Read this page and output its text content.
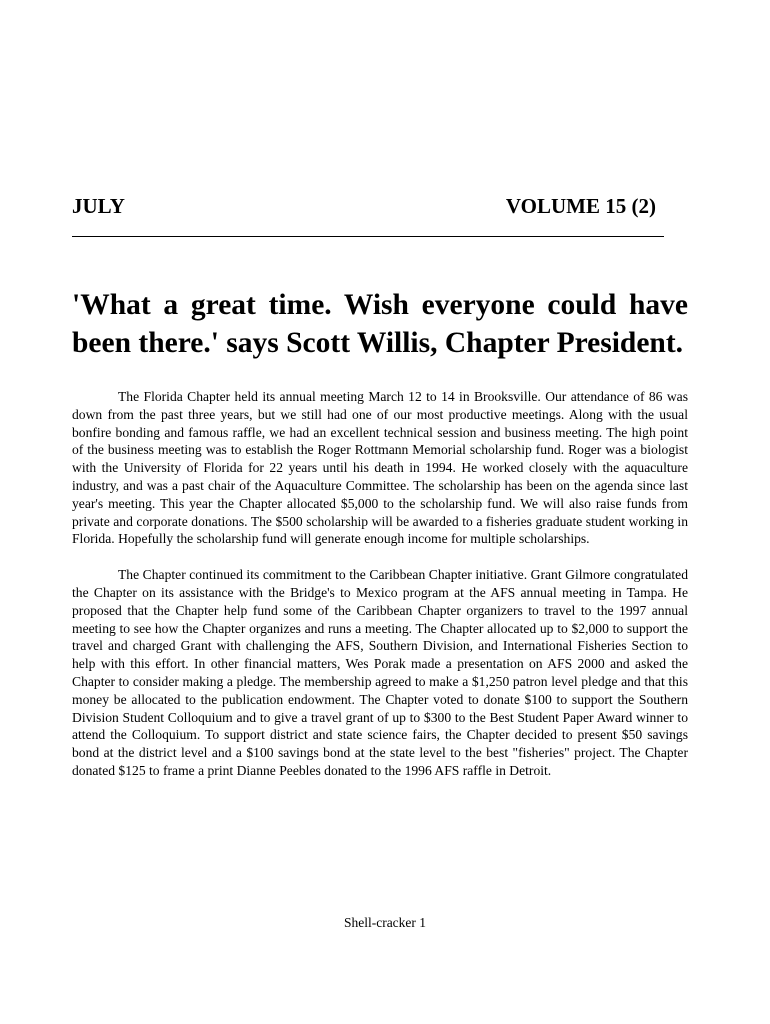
JULY	VOLUME 15 (2)
'What a great time. Wish everyone could have been there.' says Scott Willis, Chapter President.

The Florida Chapter held its annual meeting March 12 to 14 in Brooksville. Our attendance of 86 was down from the past three years, but we still had one of our most productive meetings. Along with the usual bonfire bonding and famous raffle, we had an excellent technical session and business meeting. The high point of the business meeting was to establish the Roger Rottmann Memorial scholarship fund. Roger was a biologist with the University of Florida for 22 years until his death in 1994. He worked closely with the aquaculture industry, and was a past chair of the Aquaculture Committee. The scholarship has been on the agenda since last year's meeting. This year the Chapter allocated $5,000 to the scholarship fund. We will also raise funds from private and corporate donations. The $500 scholarship will be awarded to a fisheries graduate student working in Florida. Hopefully the scholarship fund will generate enough income for multiple scholarships.

The Chapter continued its commitment to the Caribbean Chapter initiative. Grant Gilmore congratulated the Chapter on its assistance with the Bridge's to Mexico program at the AFS annual meeting in Tampa. He proposed that the Chapter help fund some of the Caribbean Chapter organizers to travel to the 1997 annual meeting to see how the Chapter organizes and runs a meeting. The Chapter allocated up to $2,000 to support the travel and charged Grant with challenging the AFS, Southern Division, and International Fisheries Section to help with this effort. In other financial matters, Wes Porak made a presentation on AFS 2000 and asked the Chapter to consider making a pledge. The membership agreed to make a $1,250 patron level pledge and that this money be allocated to the publication endowment. The Chapter voted to donate $100 to support the Southern Division Student Colloquium and to give a travel grant of up to $300 to the Best Student Paper Award winner to attend the Colloquium. To support district and state science fairs, the Chapter decided to present $50 savings bond at the district level and a $100 savings bond at the state level to the best "fisheries" project. The Chapter donated $125 to frame a print Dianne Peebles donated to the 1996 AFS raffle in Detroit.

Shell-cracker 1
